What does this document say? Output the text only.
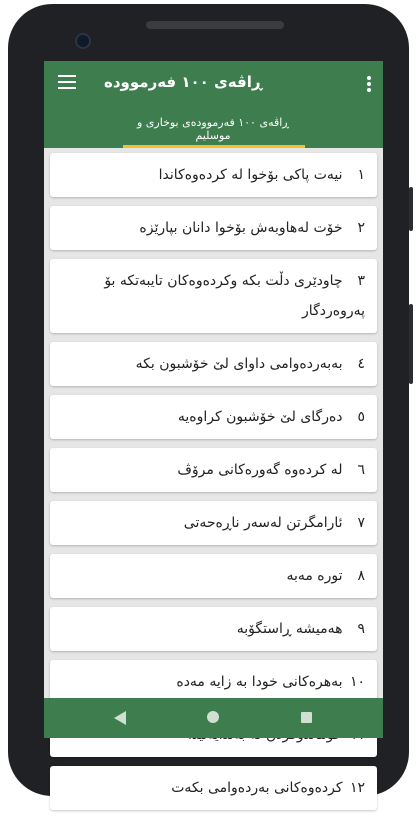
ڕاڤەی ١٠٠ فەرمووده
ڕاڤەی ١٠٠ فەرموودەی بوخاری و موسلیم
١ نیەت پاکی بۆخوا لە کردەوەکاندا
٢ خۆت لەهاوبەش بۆخوا دانان بپارێزە
٣ چاودێری دڵت بکە وکردەوەکان تایبەتکە بۆ پەروەردگار
٤ بەبەردەوامی داوای لێ خۆشبون بکە
٥ دەرگای لێ خۆشبون کراوەیە
٦ لە کردەوە گەورەکانی مرۆڤ
٧ ئارامگرتن لەسەر ناڕەحەتی
٨ تورە مەبە
٩ هەمیشە ڕاستگۆبە
١٠ بەهرەکانی خودا بە زایە مەدە
١٢ کردەوەکانی بەردەوامی بکەت
